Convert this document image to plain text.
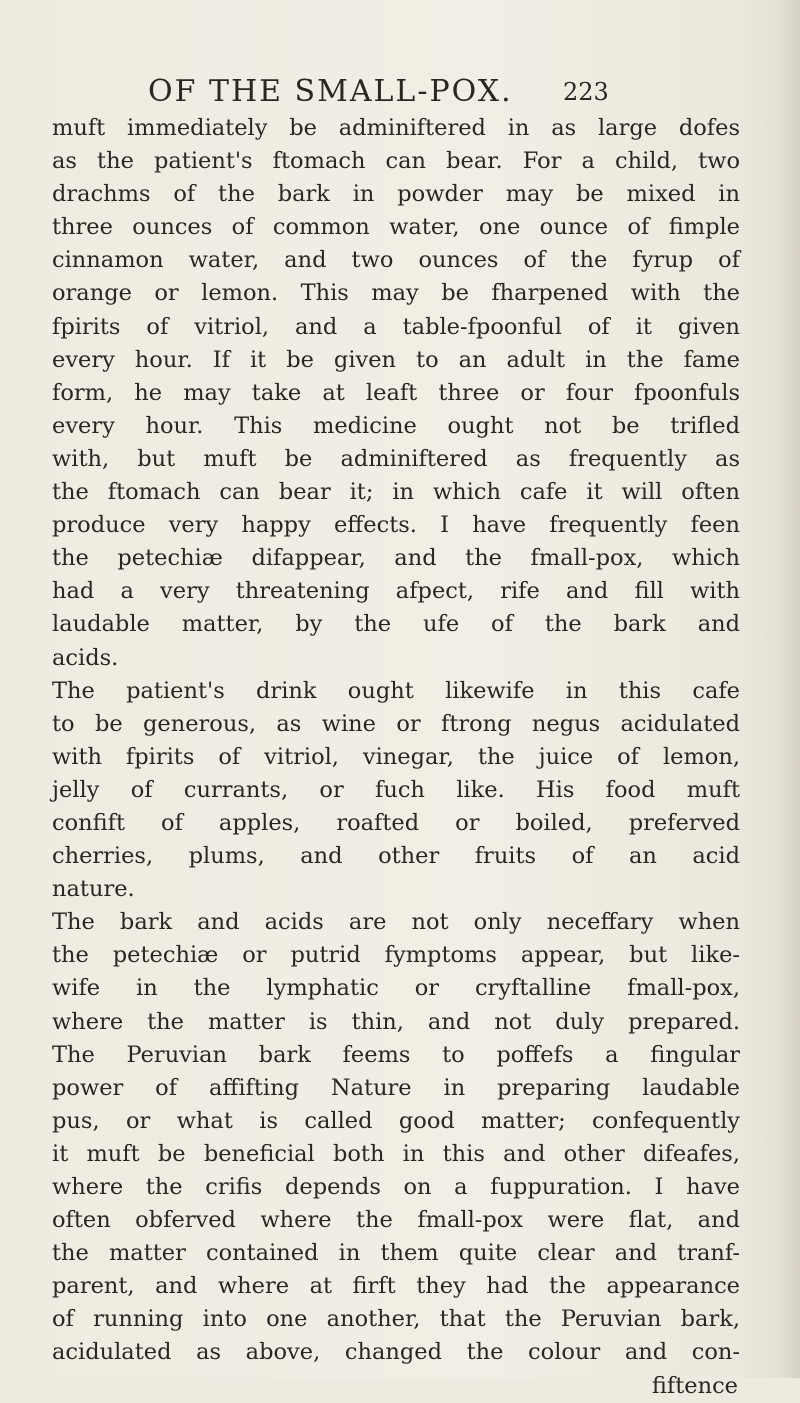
OF THE SMALL-POX. 223
muft immediately be adminiftered in as large dofes
as the patient's ftomach can bear. For a child, two
drachms of the bark in powder may be mixed in
three ounces of common water, one ounce of fimple
cinnamon water, and two ounces of the fyrup of
orange or lemon. This may be fharpened with the
fpirits of vitriol, and a table-fpoonful of it given
every hour. If it be given to an adult in the fame
form, he may take at leaft three or four fpoonfuls
every hour. This medicine ought not be trifled
with, but muft be adminiftered as frequently as
the ftomach can bear it; in which cafe it will often
produce very happy effects. I have frequently feen
the petechiæ difappear, and the fmall-pox, which
had a very threatening afpect, rife and fill with
laudable matter, by the ufe of the bark and
acids.
The patient's drink ought likewife in this cafe
to be generous, as wine or ftrong negus acidulated
with fpirits of vitriol, vinegar, the juice of lemon,
jelly of currants, or fuch like. His food muft
confift of apples, roafted or boiled, preferved
cherries, plums, and other fruits of an acid
nature.
The bark and acids are not only neceffary when
the petechiæ or putrid fymptoms appear, but like-
wife in the lymphatic or cryftalline fmall-pox,
where the matter is thin, and not duly prepared.
The Peruvian bark feems to poffefs a fingular
power of affifting Nature in preparing laudable
pus, or what is called good matter; confequently
it muft be beneficial both in this and other difeafes,
where the crifis depends on a fuppuration. I have
often obferved where the fmall-pox were flat, and
the matter contained in them quite clear and tranf-
parent, and where at firft they had the appearance
of running into one another, that the Peruvian bark,
acidulated as above, changed the colour and con-
fiftence
